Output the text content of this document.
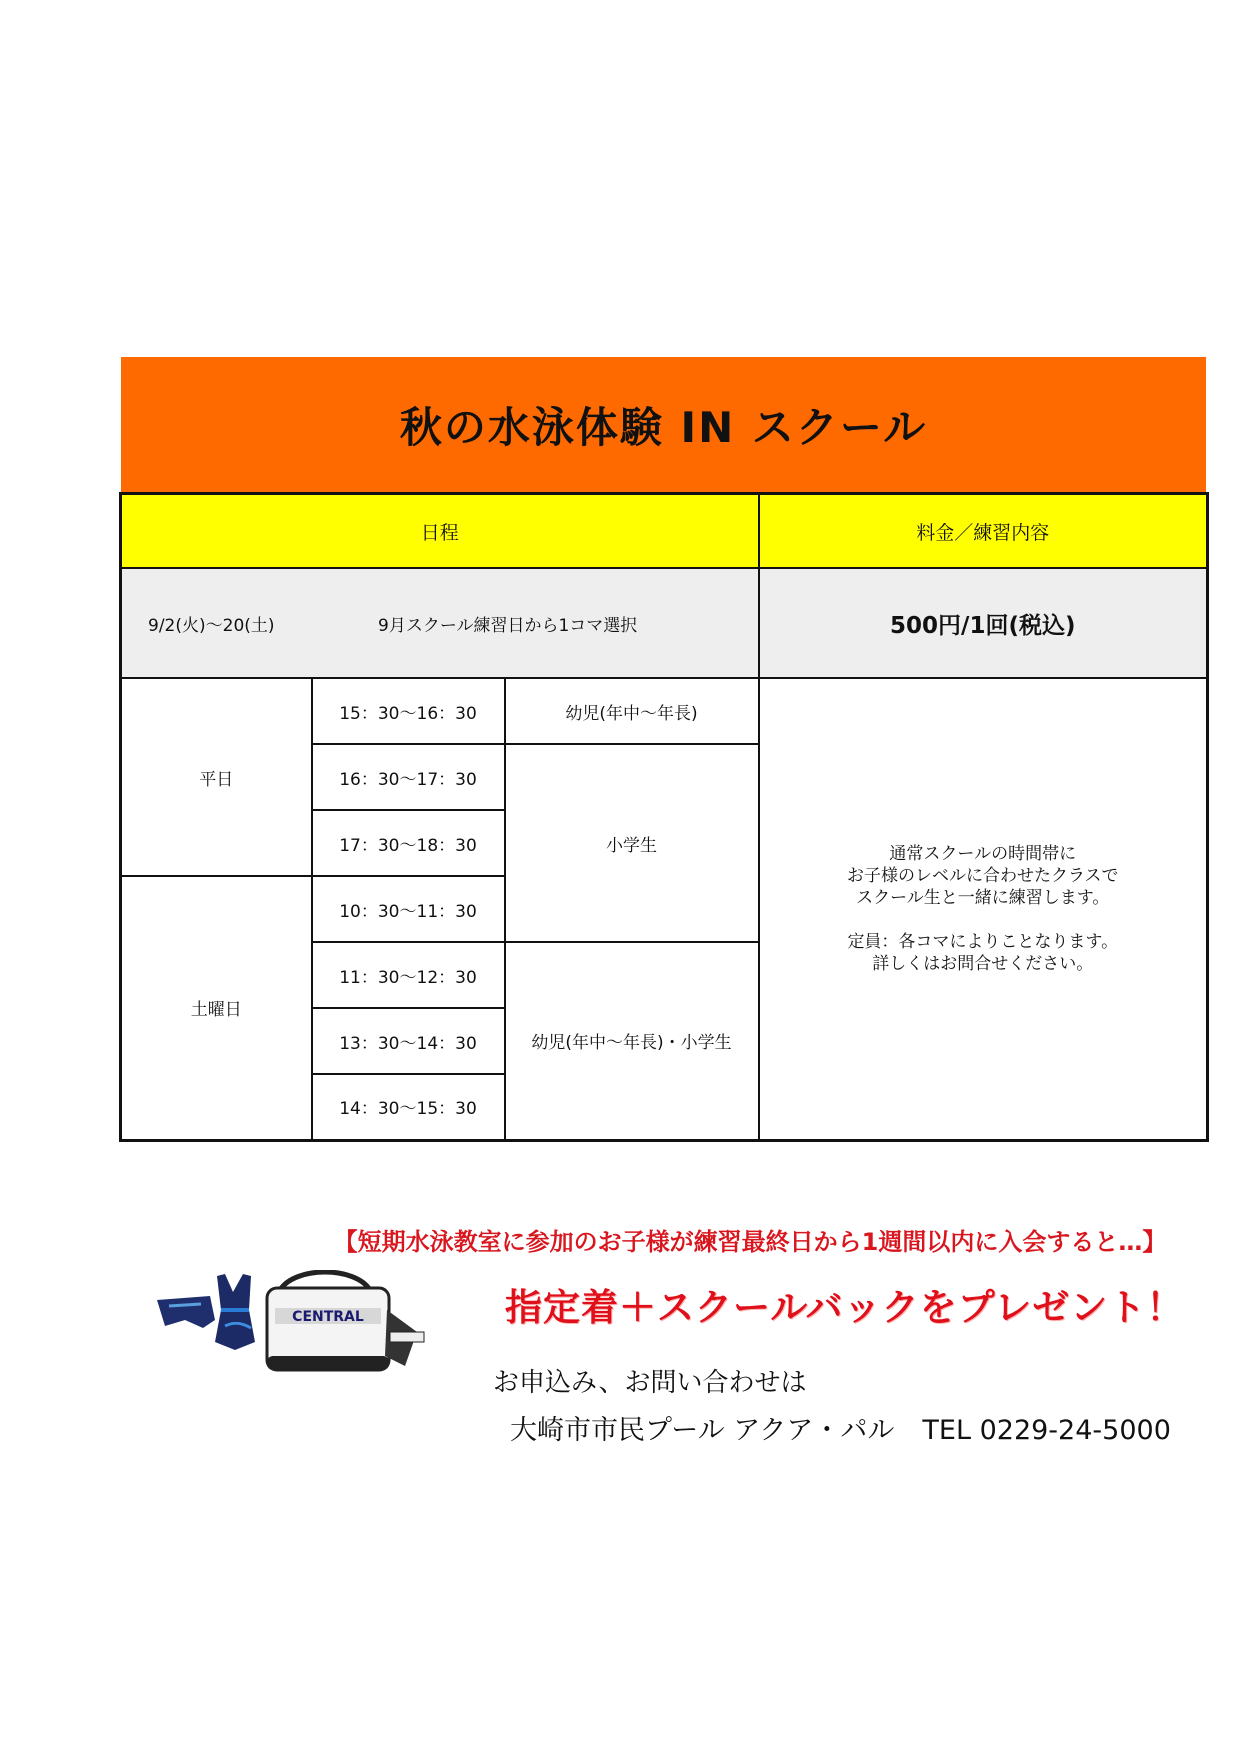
秋の水泳体験 IN スクール
日程			料金／練習内容

9/2(火)～20(土) 9月スクール練習日から1コマ選択			500円/1回(税込)
平日	15：30～16：30	幼児(年中～年長)	通常スクールの時間帯に

お子様のレベルに合わせたクラスで

スクール生と一緒に練習します。

定員：各コマによりことなります。

詳しくはお問合せください。

	16：30～17：30	小学生	
	17：30～18：30		
土曜日	10：30～11：30		
	11：30～12：30	幼児(年中～年長)・小学生	
	13：30～14：30		
	14：30～15：30		
【短期水泳教室に参加のお子様が練習最終日から1週間以内に入会すると…】
CENTRAL	指定着＋スクールバックをプレゼント！
お申込み、お問い合わせは
大崎市市民プール アクア・パル TEL 0229-24-5000
